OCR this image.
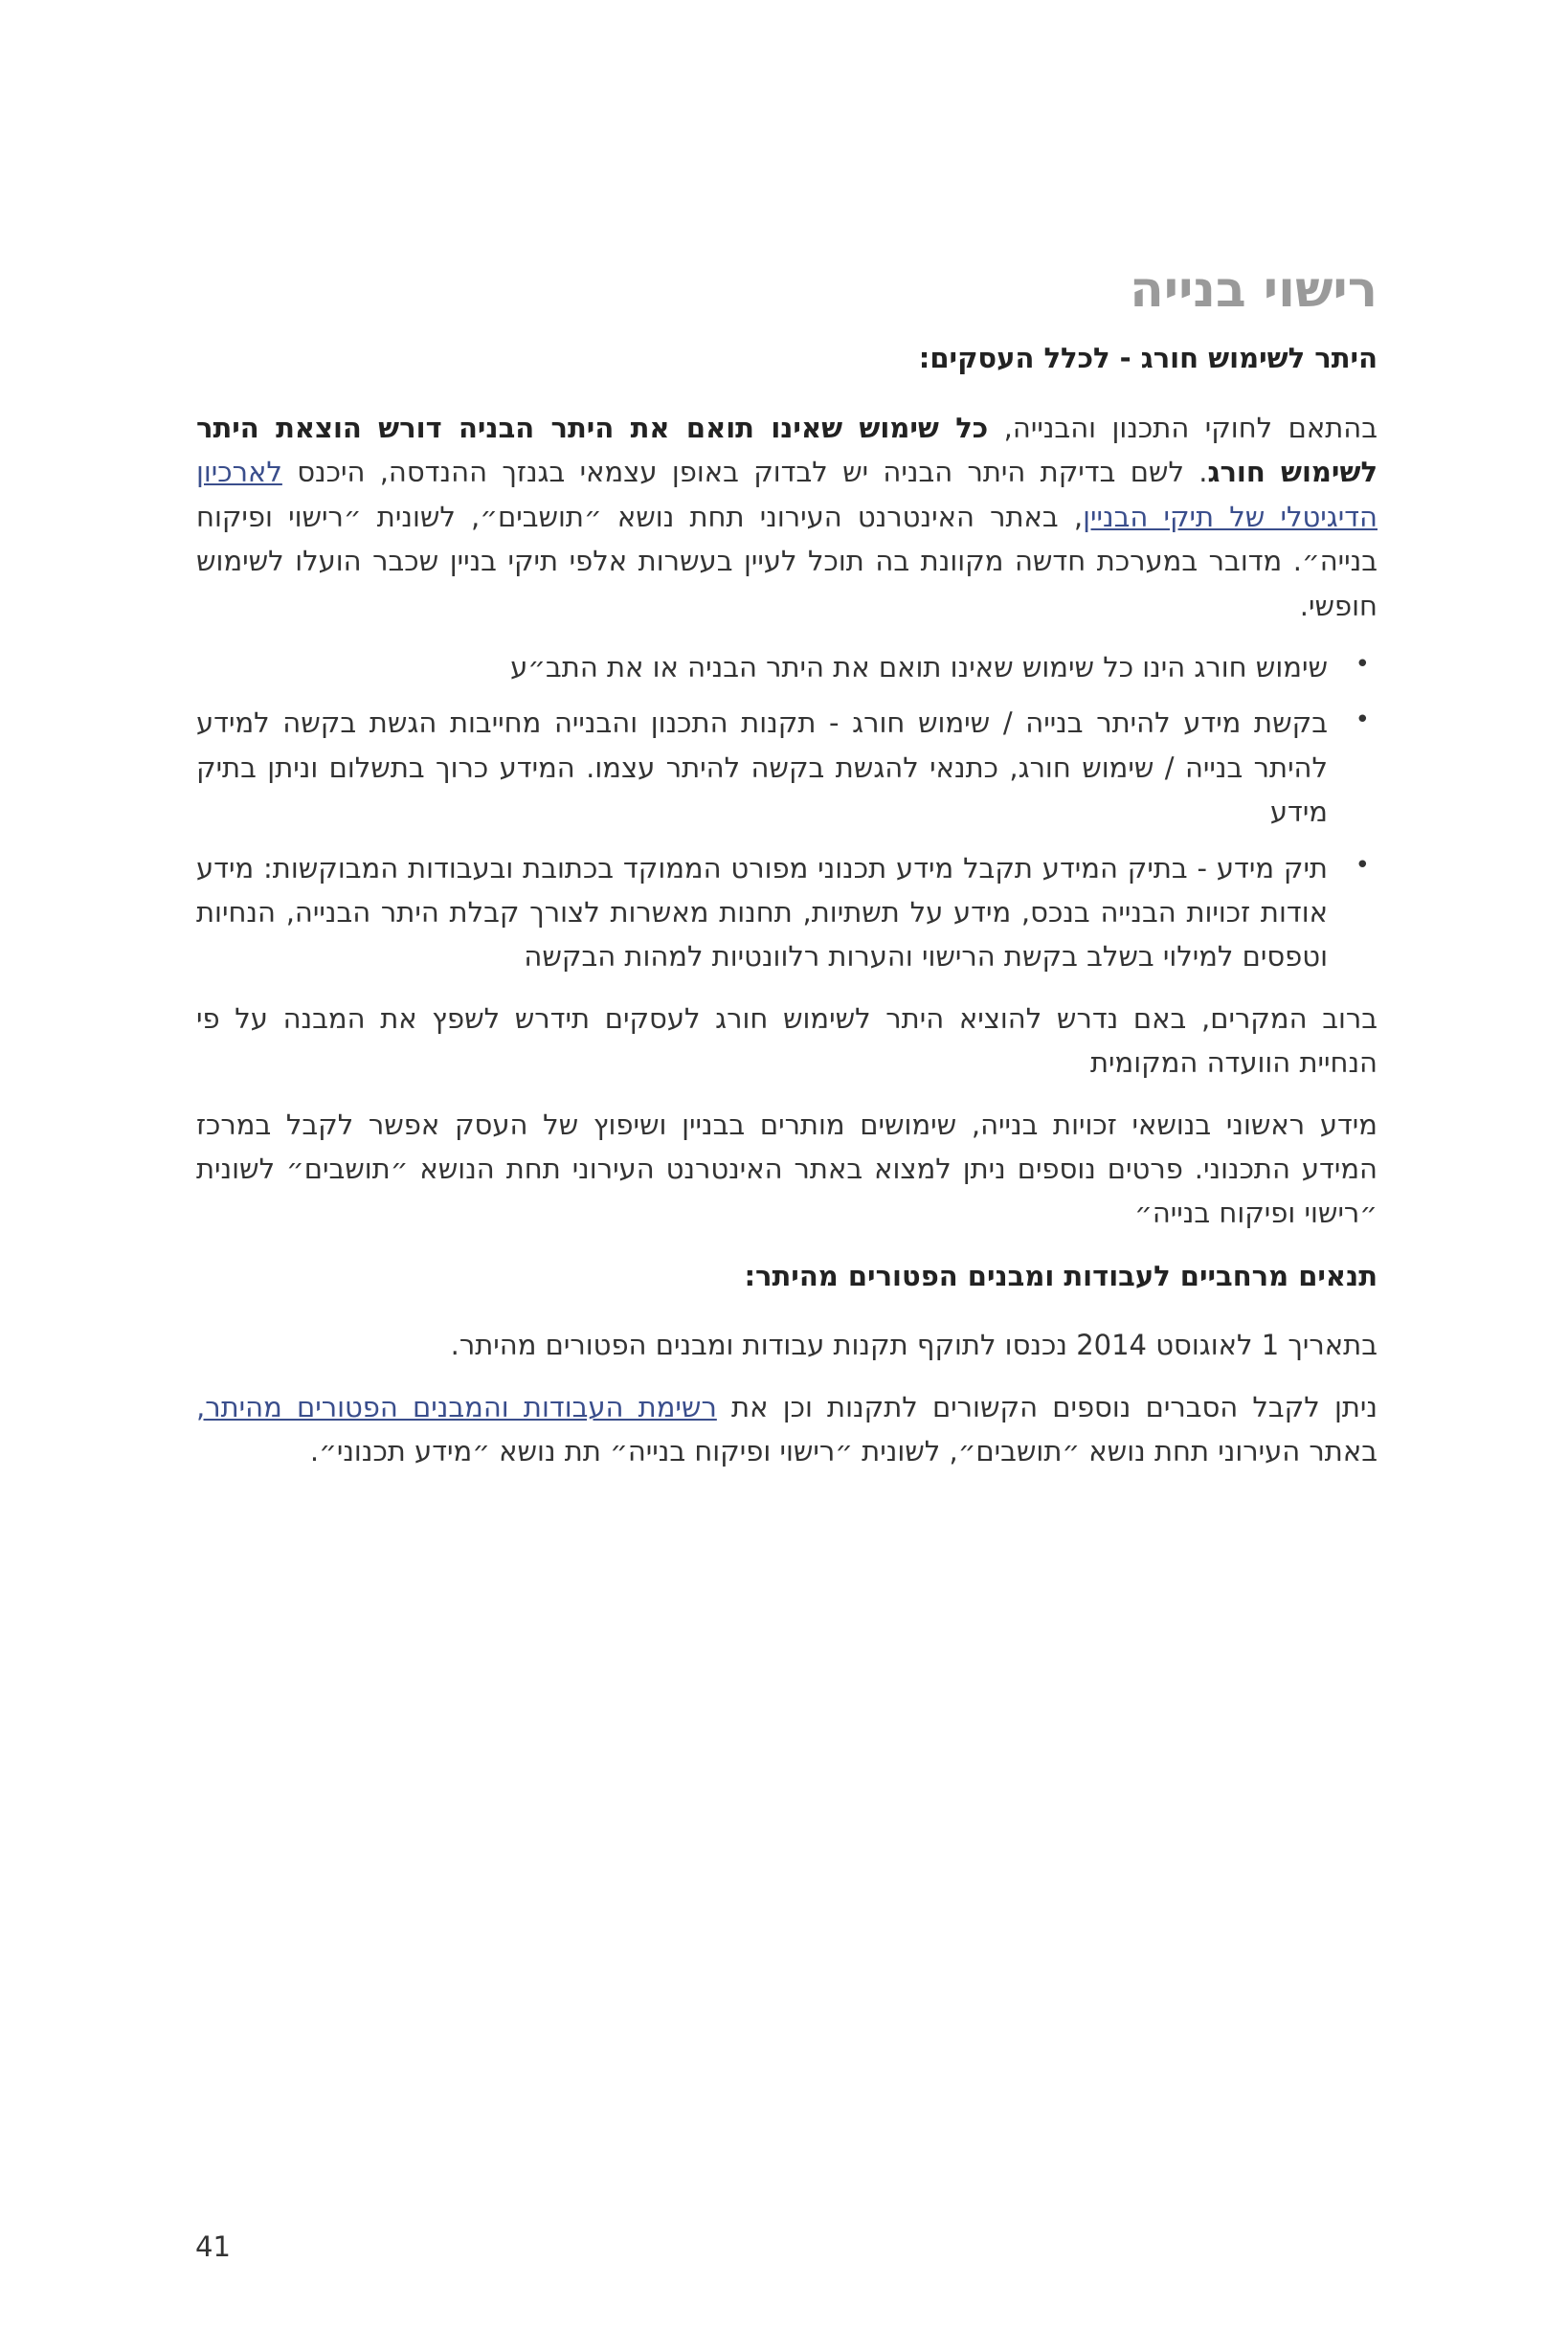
רישוי בנייה
היתר לשימוש חורג - לכלל העסקים:

בהתאם לחוקי התכנון והבנייה, כל שימוש שאינו תואם את היתר הבניה דורש הוצאת היתר לשימוש חורג. לשם בדיקת היתר הבניה יש לבדוק באופן עצמאי בגנזך ההנדסה, היכנס לארכיון הדיגיטלי של תיקי הבניין, באתר האינטרנט העירוני תחת נושא ״תושבים״, לשונית ״רישוי ופיקוח בנייה״. מדובר במערכת חדשה מקוונת בה תוכל לעיין בעשרות אלפי תיקי בניין שכבר הועלו לשימוש חופשי.

•
שימוש חורג הינו כל שימוש שאינו תואם את היתר הבניה או את התב״ע
•
בקשת מידע להיתר בנייה / שימוש חורג - תקנות התכנון והבנייה מחייבות הגשת בקשה למידע להיתר בנייה / שימוש חורג, כתנאי להגשת בקשה להיתר עצמו. המידע כרוך בתשלום וניתן בתיק מידע
•
תיק מידע - בתיק המידע תקבל מידע תכנוני מפורט הממוקד בכתובת ובעבודות המבוקשות: מידע אודות זכויות הבנייה בנכס, מידע על תשתיות, תחנות מאשרות לצורך קבלת היתר הבנייה, הנחיות וטפסים למילוי בשלב בקשת הרישוי והערות רלוונטיות למהות הבקשה

ברוב המקרים, באם נדרש להוציא היתר לשימוש חורג לעסקים תידרש לשפץ את המבנה על פי הנחיית הוועדה המקומית

מידע ראשוני בנושאי זכויות בנייה, שימושים מותרים בבניין ושיפוץ של העסק אפשר לקבל במרכז המידע התכנוני. פרטים נוספים ניתן למצוא באתר האינטרנט העירוני תחת הנושא ״תושבים״ לשונית ״רישוי ופיקוח בנייה״

תנאים מרחביים לעבודות ומבנים הפטורים מהיתר:

בתאריך 1 לאוגוסט 2014 נכנסו לתוקף תקנות עבודות ומבנים הפטורים מהיתר.

ניתן לקבל הסברים נוספים הקשורים לתקנות וכן את רשימת העבודות והמבנים הפטורים מהיתר, באתר העירוני תחת נושא ״תושבים״, לשונית ״רישוי ופיקוח בנייה״ תת נושא ״מידע תכנוני״.

41
